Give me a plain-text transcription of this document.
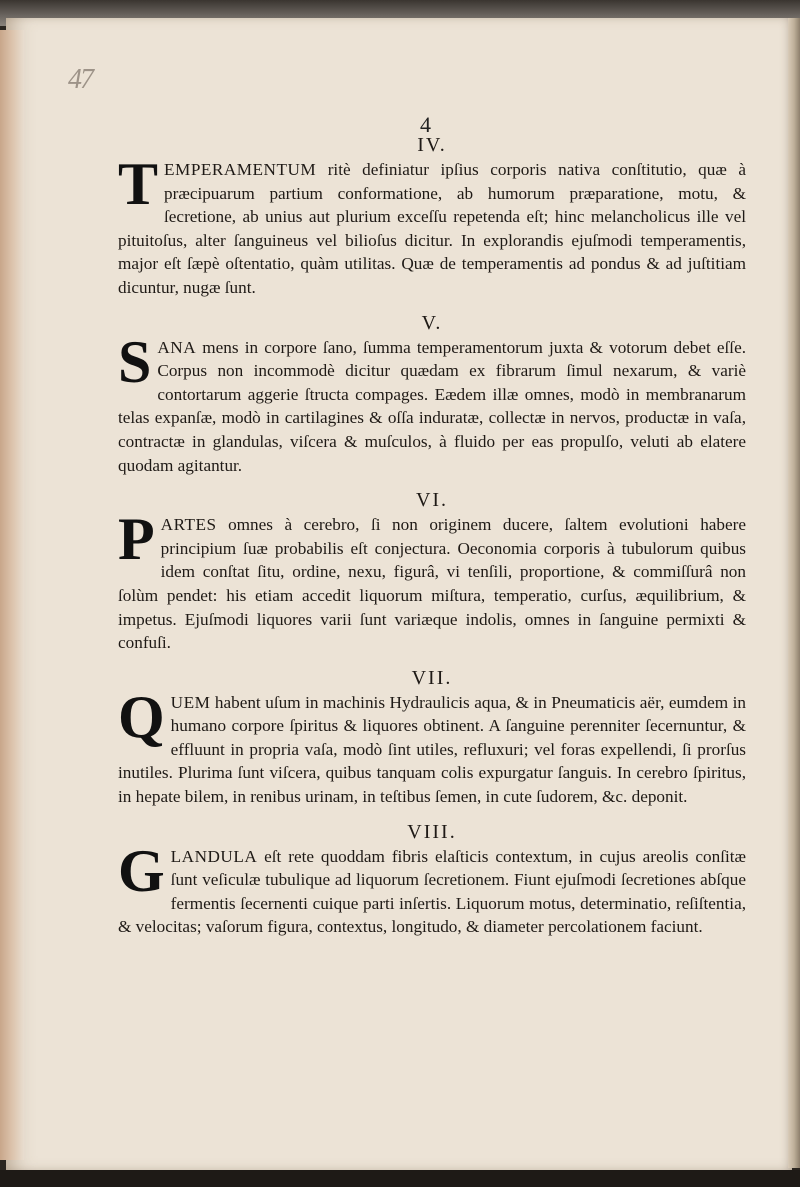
47
4
IV.

TEMPERAMENTUM ritè definiatur ipſius corporis nativa conſtitutio, quæ à præcipuarum partium conformatione, ab humorum præparatione, motu, & ſecretione, ab unius aut plurium exceſſu repetenda eſt; hinc melancholicus ille vel pituitoſus, alter ſanguineus vel bilioſus dicitur. In explorandis ejuſmodi temperamentis, major eſt ſæpè oſtentatio, quàm utilitas. Quæ de temperamentis ad pondus & ad juſtitiam dicuntur, nugæ ſunt.

V.

SANA mens in corpore ſano, ſumma temperamentorum juxta & votorum debet eſſe. Corpus non incommodè dicitur quædam ex fibrarum ſimul nexarum, & variè contortarum aggerie ſtructa compages. Eædem illæ omnes, modò in membranarum telas expanſæ, modò in cartilagines & oſſa induratæ, collectæ in nervos, productæ in vaſa, contractæ in glandulas, viſcera & muſculos, à fluido per eas propulſo, veluti ab elatere quodam agitantur.

VI.

PARTES omnes à cerebro, ſi non originem ducere, ſaltem evolutioni habere principium ſuæ probabilis eſt conjectura. Oeconomia corporis à tubulorum quibus idem conſtat ſitu, ordine, nexu, figurâ, vi tenſili, proportione, & commiſſurâ non ſolùm pendet: his etiam accedit liquorum miſtura, temperatio, curſus, æquilibrium, & impetus. Ejuſmodi liquores varii ſunt variæque indolis, omnes in ſanguine permixti & confuſi.

VII.

QUEM habent uſum in machinis Hydraulicis aqua, & in Pneumaticis aër, eumdem in humano corpore ſpiritus & liquores obtinent. A ſanguine perenniter ſecernuntur, & effluunt in propria vaſa, modò ſint utiles, refluxuri; vel foras expellendi, ſi prorſus inutiles. Plurima ſunt viſcera, quibus tanquam colis expurgatur ſanguis. In cerebro ſpiritus, in hepate bilem, in renibus urinam, in teſtibus ſemen, in cute ſudorem, &c. deponit.

VIII.

GLANDULA eſt rete quoddam fibris elaſticis contextum, in cujus areolis conſitæ ſunt veſiculæ tubulique ad liquorum ſecretionem. Fiunt ejuſmodi ſecretiones abſque fermentis ſecernenti cuique parti inſertis. Liquorum motus, determinatio, reſiſtentia, & velocitas; vaſorum figura, contextus, longitudo, & diameter percolationem faciunt.
